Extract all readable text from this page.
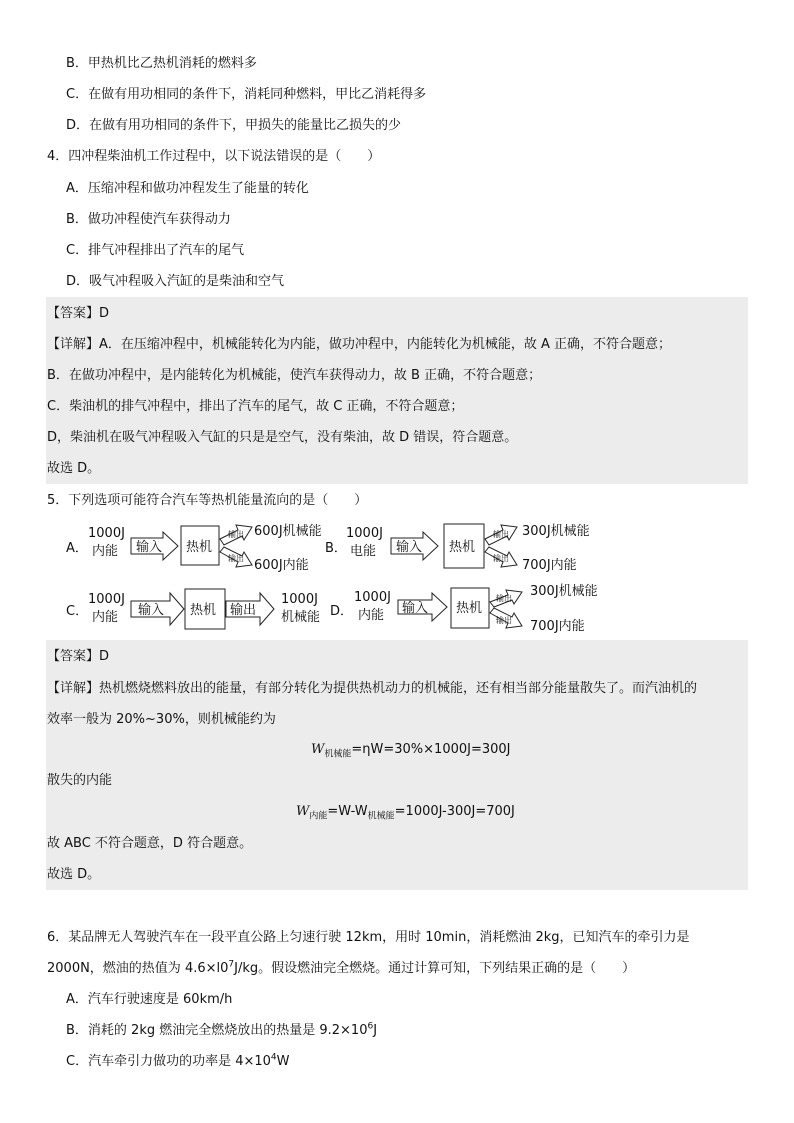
B．甲热机比乙热机消耗的燃料多
C．在做有用功相同的条件下，消耗同种燃料，甲比乙消耗得多
D．在做有用功相同的条件下，甲损失的能量比乙损失的少
4．四冲程柴油机工作过程中，以下说法错误的是（　　）
A．压缩冲程和做功冲程发生了能量的转化
B．做功冲程使汽车获得动力
C．排气冲程排出了汽车的尾气
D．吸气冲程吸入汽缸的是柴油和空气
【答案】D
【详解】A．在压缩冲程中，机械能转化为内能，做功冲程中，内能转化为机械能，故 A 正确，不符合题意；
B．在做功冲程中，是内能转化为机械能，使汽车获得动力，故 B 正确，不符合题意；
C．柴油机的排气冲程中，排出了汽车的尾气，故 C 正确，不符合题意；
D，柴油机在吸气冲程吸入气缸的只是是空气，没有柴油，故 D 错误，符合题意。
故选 D。
5．下列选项可能符合汽车等热机能量流向的是（　　）
A．
1000J
内能 输入 热机
输出
输出
600J机械能
600J内能
B．
1000J
电能 输入 热机
输出
输出
300J机械能
700J内能
C．
1000J
内能 输入 热机 输出
1000J
机械能 D．
1000J
内能 输入 热机
输出
输出
300J机械能
700J内能
【答案】D
【详解】热机燃烧燃料放出的能量，有部分转化为提供热机动力的机械能，还有相当部分能量散失了。而汽油机的
效率一般为 20%~30%，则机械能约为
$W_{机械能}=\eta W=30\%\times 1000J=300J$
散失的内能
$W_{内能}=W-W_{机械能}=1000J-300J=700J$
故 ABC 不符合题意，D 符合题意。
故选 D。
6．某品牌无人驾驶汽车在一段平直公路上匀速行驶 12km，用时 10min，消耗燃油 2kg，已知汽车的牵引力是
2000N，燃油的热值为 $4.6\times l0^7J/kg$。假设燃油完全燃烧。通过计算可知，下列结果正确的是（　　）
A．汽车行驶速度是 60km/h
B．消耗的 2kg 燃油完全燃烧放出的热量是 $9.2\times 10^6J$
C．汽车牵引力做功的功率是 $4\times 10^4W$
